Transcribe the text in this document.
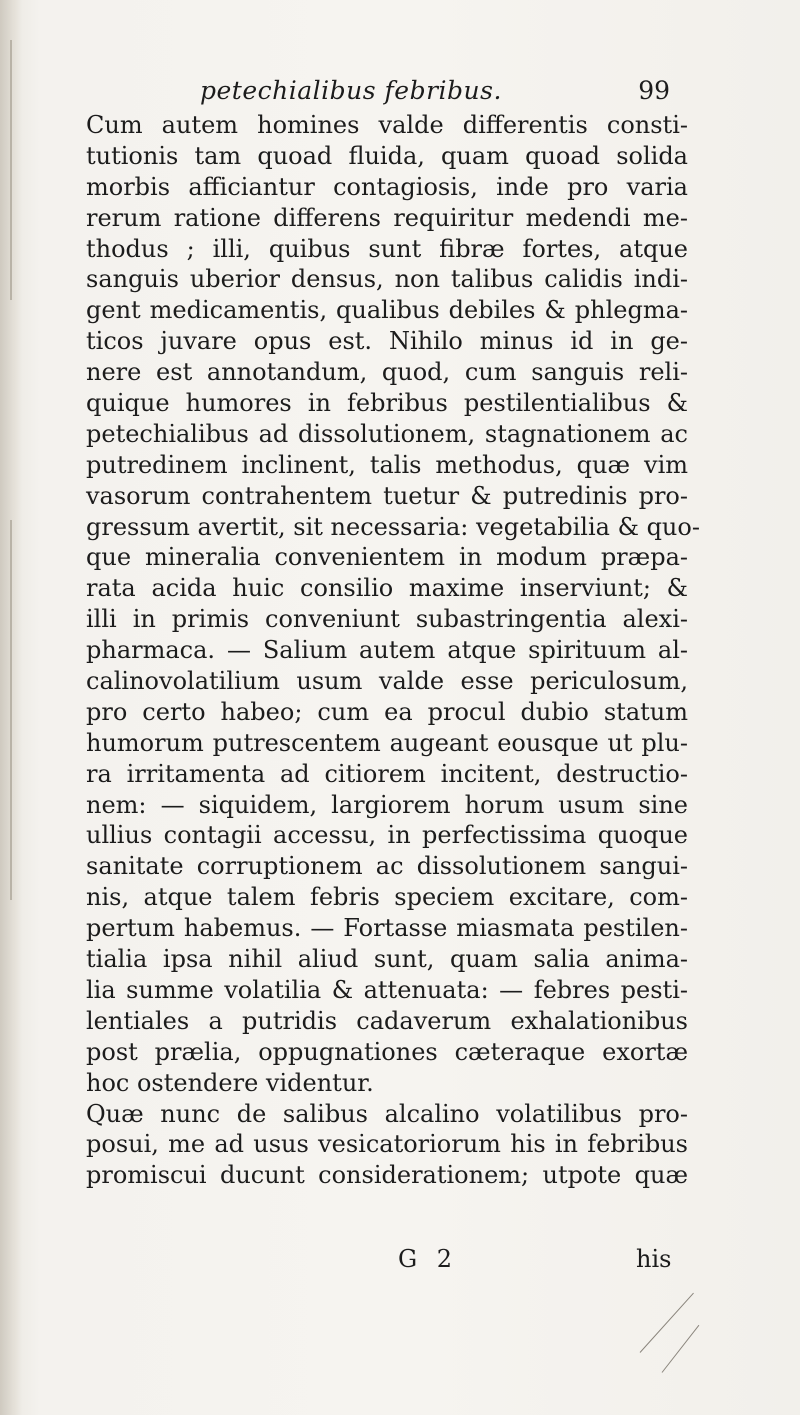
petechialibus febribus.	99
Cum autem homines valde differentis consti-
tutionis tam quoad fluida, quam quoad solida
morbis afficiantur contagiosis, inde pro varia
rerum ratione differens requiritur medendi me-
thodus ; illi, quibus sunt fibræ fortes, atque
sanguis uberior densus, non talibus calidis indi-
gent medicamentis, qualibus debiles & phlegma-
ticos juvare opus est. Nihilo minus id in ge-
nere est annotandum, quod, cum sanguis reli-
quique humores in febribus pestilentialibus &
petechialibus ad dissolutionem, stagnationem ac
putredinem inclinent, talis methodus, quæ vim
vasorum contrahentem tuetur & putredinis pro-
gressum avertit, sit necessaria: vegetabilia & quo-
que mineralia convenientem in modum præpa-
rata acida huic consilio maxime inserviunt; &
illi in primis conveniunt subastringentia alexi-
pharmaca. — Salium autem atque spirituum al-
calinovolatilium usum valde esse periculosum,
pro certo habeo; cum ea procul dubio statum
humorum putrescentem augeant eousque ut plu-
ra irritamenta ad citiorem incitent, destructio-
nem: — siquidem, largiorem horum usum sine
ullius contagii accessu, in perfectissima quoque
sanitate corruptionem ac dissolutionem sangui-
nis, atque talem febris speciem excitare, com-
pertum habemus. — Fortasse miasmata pestilen-
tialia ipsa nihil aliud sunt, quam salia anima-
lia summe volatilia & attenuata: — febres pesti-
lentiales a putridis cadaverum exhalationibus
post prælia, oppugnationes cæteraque exortæ
hoc ostendere videntur.
Quæ nunc de salibus alcalino volatilibus pro-
posui, me ad usus vesicatoriorum his in febribus
promiscui ducunt considerationem; utpote quæ
G 2	his
